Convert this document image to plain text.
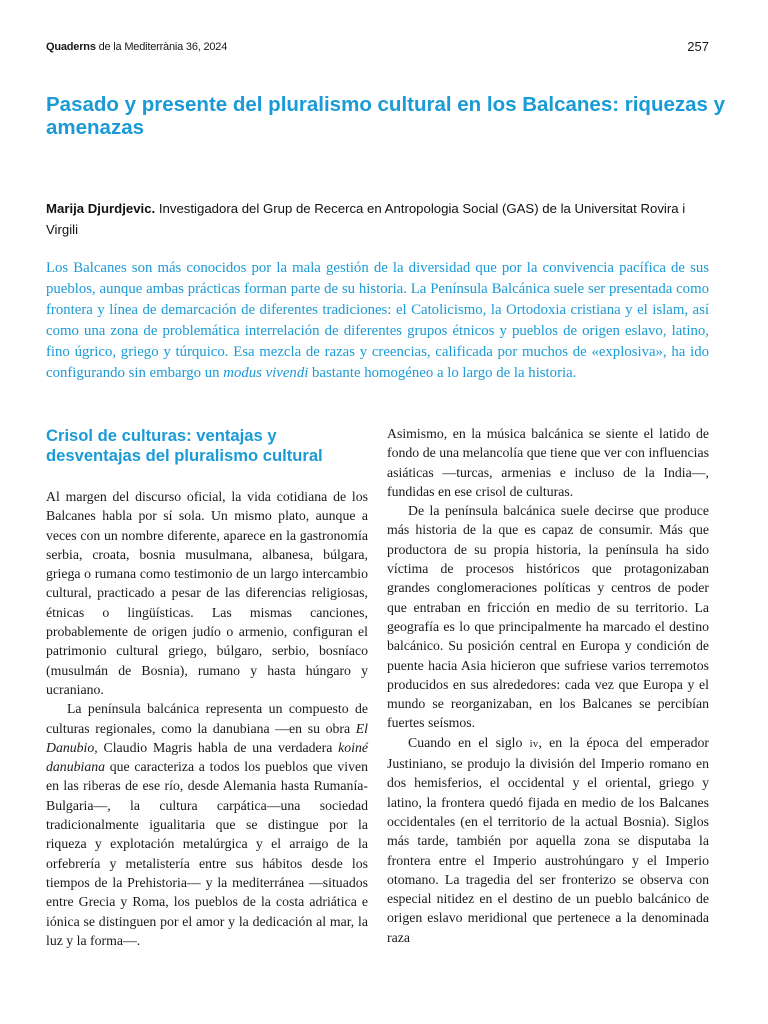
Quaderns de la Mediterrània 36, 2024	257
Pasado y presente del pluralismo cultural en los Balcanes: riquezas y amenazas

Marija Djurdjevic. Investigadora del Grup de Recerca en Antropologia Social (GAS) de la Universitat Rovira i Virgili

Los Balcanes son más conocidos por la mala gestión de la diversidad que por la convivencia pacífica de sus pueblos, aunque ambas prácticas forman parte de su historia. La Península Balcánica suele ser presentada como frontera y línea de demarcación de diferentes tradiciones: el Catolicismo, la Ortodoxia cristiana y el islam, así como una zona de problemática interrelación de diferentes grupos étnicos y pueblos de origen eslavo, latino, fino úgrico, griego y túrquico. Esa mezcla de razas y creencias, calificada por muchos de «explosiva», ha ido configurando sin embargo un modus vivendi bastante homogéneo a lo largo de la historia.

Crisol de culturas: ventajas y desventajas del pluralismo cultural

Al margen del discurso oficial, la vida cotidiana de los Balcanes habla por sí sola. Un mismo plato, aunque a veces con un nombre diferente, aparece en la gastronomía serbia, croata, bosnia musulmana, albanesa, búlgara, griega o rumana como testimonio de un largo intercambio cultural, practicado a pesar de las diferencias religiosas, étnicas o lingüísticas. Las mismas canciones, probablemente de origen judío o armenio, configuran el patrimonio cultural griego, búlgaro, serbio, bosníaco (musulmán de Bosnia), rumano y hasta húngaro y ucraniano.

La península balcánica representa un compuesto de culturas regionales, como la danubiana —en su obra El Danubio, Claudio Magris habla de una verdadera koiné danubiana que caracteriza a todos los pueblos que viven en las riberas de ese río, desde Alemania hasta Rumanía-Bulgaria—, la cultura carpática—una sociedad tradicionalmente igualitaria que se distingue por la riqueza y explotación metalúrgica y el arraigo de la orfebrería y metalistería entre sus hábitos desde los tiempos de la Prehistoria— y la mediterránea —situados entre Grecia y Roma, los pueblos de la costa adriática e iónica se distinguen por el amor y la dedicación al mar, la luz y la forma—.

Asimismo, en la música balcánica se siente el latido de fondo de una melancolía que tiene que ver con influencias asiáticas —turcas, armenias e incluso de la India—, fundidas en ese crisol de culturas.

De la península balcánica suele decirse que produce más historia de la que es capaz de consumir. Más que productora de su propia historia, la península ha sido víctima de procesos históricos que protagonizaban grandes conglomeraciones políticas y centros de poder que entraban en fricción en medio de su territorio. La geografía es lo que principalmente ha marcado el destino balcánico. Su posición central en Europa y condición de puente hacia Asia hicieron que sufriese varios terremotos producidos en sus alrededores: cada vez que Europa y el mundo se reorganizaban, en los Balcanes se percibían fuertes seísmos.

Cuando en el siglo iv, en la época del emperador Justiniano, se produjo la división del Imperio romano en dos hemisferios, el occidental y el oriental, griego y latino, la frontera quedó fijada en medio de los Balcanes occidentales (en el territorio de la actual Bosnia). Siglos más tarde, también por aquella zona se disputaba la frontera entre el Imperio austrohúngaro y el Imperio otomano. La tragedia del ser fronterizo se observa con especial nitidez en el destino de un pueblo balcánico de origen eslavo meridional que pertenece a la denominada raza
